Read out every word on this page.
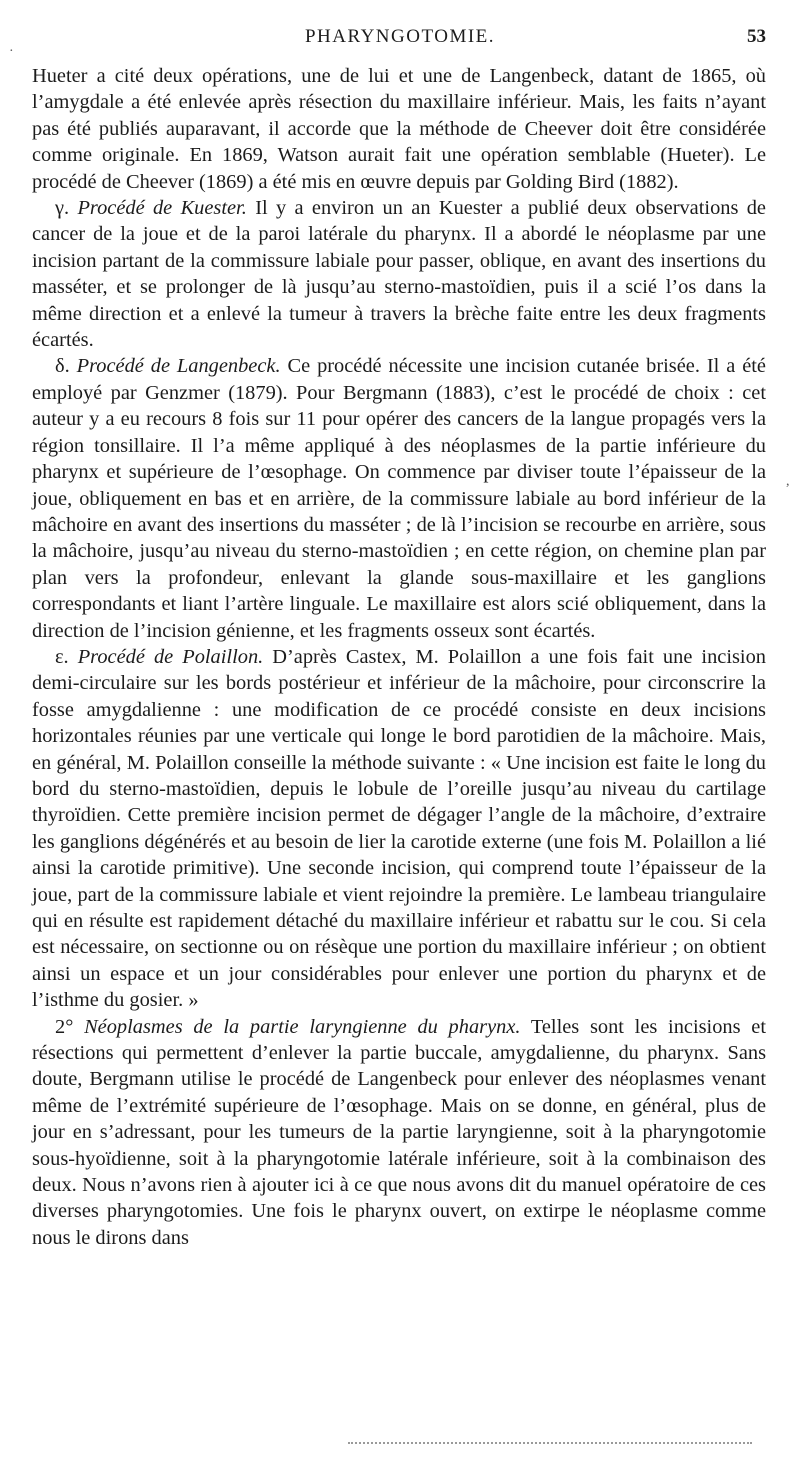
PHARYNGOTOMIE.	53
·
,

Hueter a cité deux opérations, une de lui et une de Langenbeck, datant de 1865, où l’amygdale a été enlevée après résection du maxillaire inférieur. Mais, les faits n’ayant pas été publiés auparavant, il accorde que la méthode de Cheever doit être considérée comme originale. En 1869, Watson aurait fait une opération semblable (Hueter). Le procédé de Cheever (1869) a été mis en œuvre depuis par Golding Bird (1882).

γ. Procédé de Kuester. Il y a environ un an Kuester a publié deux observations de cancer de la joue et de la paroi latérale du pharynx. Il a abordé le néoplasme par une incision partant de la commissure labiale pour passer, oblique, en avant des insertions du masséter, et se prolonger de là jusqu’au sterno-mastoïdien, puis il a scié l’os dans la même direction et a enlevé la tumeur à travers la brèche faite entre les deux fragments écartés.

δ. Procédé de Langenbeck. Ce procédé nécessite une incision cutanée brisée. Il a été employé par Genzmer (1879). Pour Bergmann (1883), c’est le procédé de choix : cet auteur y a eu recours 8 fois sur 11 pour opérer des cancers de la langue propagés vers la région tonsillaire. Il l’a même appliqué à des néoplasmes de la partie inférieure du pharynx et supérieure de l’œsophage. On commence par diviser toute l’épaisseur de la joue, obliquement en bas et en arrière, de la commissure labiale au bord inférieur de la mâchoire en avant des insertions du masséter ; de là l’incision se recourbe en arrière, sous la mâchoire, jusqu’au niveau du sterno-mastoïdien ; en cette région, on chemine plan par plan vers la profondeur, enlevant la glande sous-maxillaire et les ganglions correspondants et liant l’artère linguale. Le maxillaire est alors scié obliquement, dans la direction de l’incision génienne, et les fragments osseux sont écartés.

ε. Procédé de Polaillon. D’après Castex, M. Polaillon a une fois fait une incision demi-circulaire sur les bords postérieur et inférieur de la mâchoire, pour circonscrire la fosse amygdalienne : une modification de ce procédé consiste en deux incisions horizontales réunies par une verticale qui longe le bord parotidien de la mâchoire. Mais, en général, M. Polaillon conseille la méthode suivante : « Une incision est faite le long du bord du sterno-mastoïdien, depuis le lobule de l’oreille jusqu’au niveau du cartilage thyroïdien. Cette première incision permet de dégager l’angle de la mâchoire, d’extraire les ganglions dégénérés et au besoin de lier la carotide externe (une fois M. Polaillon a lié ainsi la carotide primitive). Une seconde incision, qui comprend toute l’épaisseur de la joue, part de la commissure labiale et vient rejoindre la première. Le lambeau triangulaire qui en résulte est rapidement détaché du maxillaire inférieur et rabattu sur le cou. Si cela est nécessaire, on sectionne ou on résèque une portion du maxillaire inférieur ; on obtient ainsi un espace et un jour considérables pour enlever une portion du pharynx et de l’isthme du gosier. »

2° Néoplasmes de la partie laryngienne du pharynx. Telles sont les incisions et résections qui permettent d’enlever la partie buccale, amygdalienne, du pharynx. Sans doute, Bergmann utilise le procédé de Langenbeck pour enlever des néoplasmes venant même de l’extrémité supérieure de l’œsophage. Mais on se donne, en général, plus de jour en s’adressant, pour les tumeurs de la partie laryngienne, soit à la pharyngotomie sous-hyoïdienne, soit à la pharyngotomie latérale inférieure, soit à la combinaison des deux. Nous n’avons rien à ajouter ici à ce que nous avons dit du manuel opératoire de ces diverses pharyngotomies. Une fois le pharynx ouvert, on extirpe le néoplasme comme nous le dirons dans
